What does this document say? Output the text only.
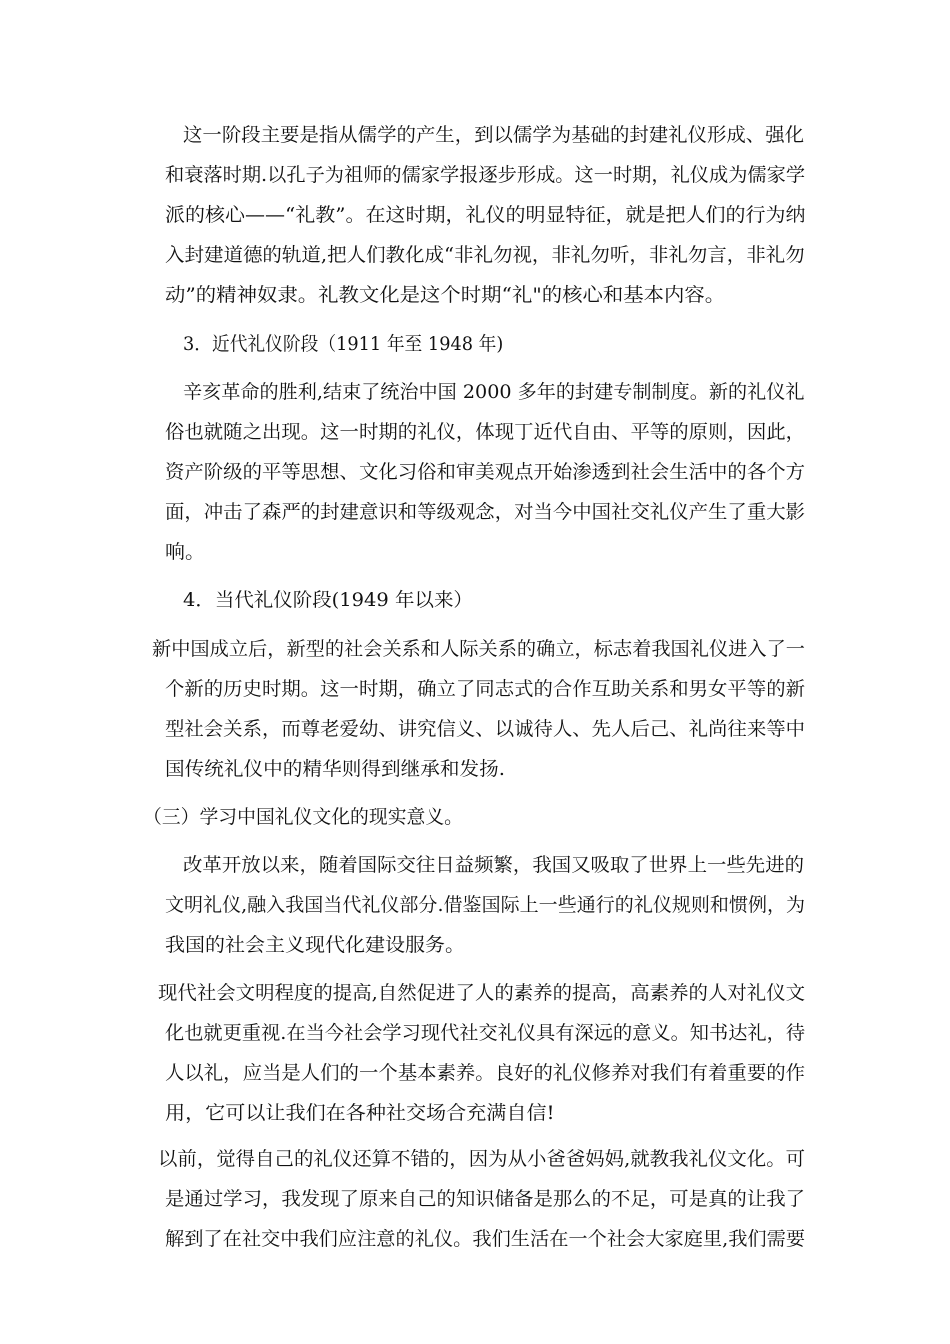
这一阶段主要是指从儒学的产生，到以儒学为基础的封建礼仪形成、强化
和衰落时期.以孔子为祖师的儒家学报逐步形成。这一时期，礼仪成为儒家学
派的核心——“礼教”。在这时期，礼仪的明显特征，就是把人们的行为纳
入封建道德的轨道,把人们教化成“非礼勿视，非礼勿听，非礼勿言，非礼勿
动”的精神奴隶。礼教文化是这个时期“礼"的核心和基本内容。
3．近代礼仪阶段（1911 年至 1948 年)
辛亥革命的胜利,结束了统治中国 2000 多年的封建专制制度。新的礼仪礼
俗也就随之出现。这一时期的礼仪，体现丁近代自由、平等的原则，因此，
资产阶级的平等思想、文化习俗和审美观点开始渗透到社会生活中的各个方
面，冲击了森严的封建意识和等级观念，对当今中国社交礼仪产生了重大影
响。
4．当代礼仪阶段(1949 年以来）
新中国成立后，新型的社会关系和人际关系的确立，标志着我国礼仪进入了一
个新的历史时期。这一时期，确立了同志式的合作互助关系和男女平等的新
型社会关系，而尊老爱幼、讲究信义、以诚待人、先人后己、礼尚往来等中
国传统礼仪中的精华则得到继承和发扬.
（三）学习中国礼仪文化的现实意义。
改革开放以来，随着国际交往日益频繁，我国又吸取了世界上一些先进的
文明礼仪,融入我国当代礼仪部分.借鉴国际上一些通行的礼仪规则和惯例，为
我国的社会主义现代化建设服务。
现代社会文明程度的提高,自然促进了人的素养的提高，高素养的人对礼仪文
化也就更重视.在当今社会学习现代社交礼仪具有深远的意义。知书达礼，待
人以礼，应当是人们的一个基本素养。良好的礼仪修养对我们有着重要的作
用，它可以让我们在各种社交场合充满自信!
以前，觉得自己的礼仪还算不错的，因为从小爸爸妈妈,就教我礼仪文化。可
是通过学习，我发现了原来自己的知识储备是那么的不足，可是真的让我了
解到了在社交中我们应注意的礼仪。我们生活在一个社会大家庭里,我们需要
